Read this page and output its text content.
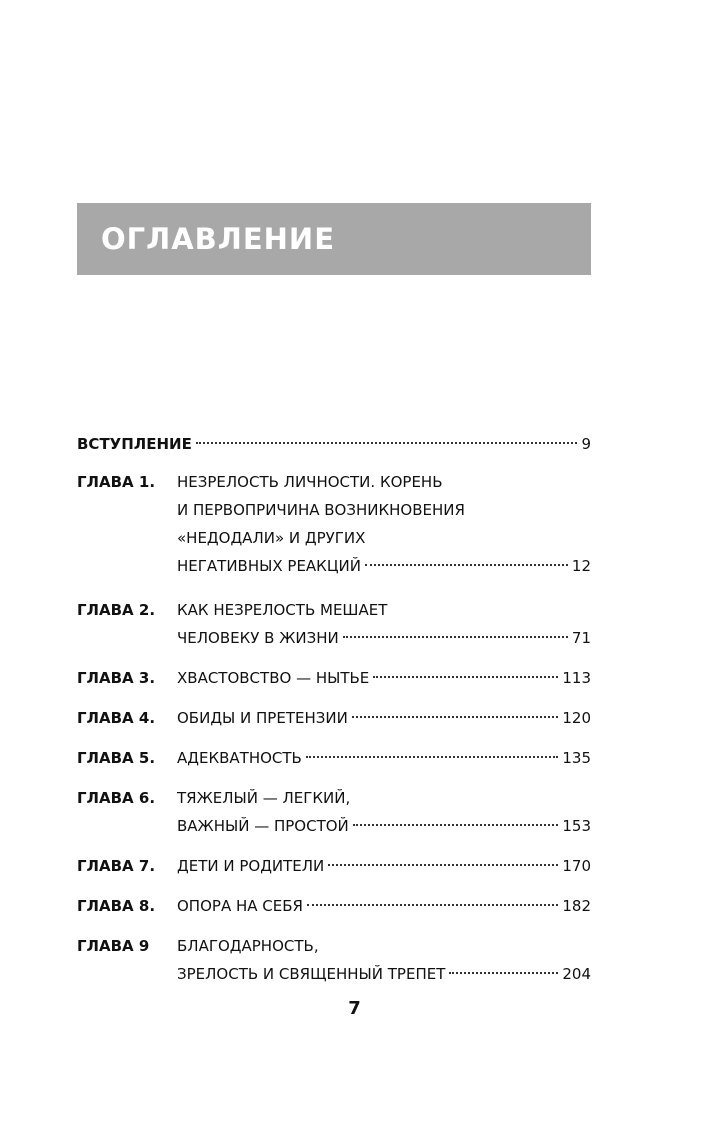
ОГЛАВЛЕНИЕ
ВСТУПЛЕНИЕ	9
ГЛАВА 1. НЕЗРЕЛОСТЬ ЛИЧНОСТИ. КОРЕНЬ
И ПЕРВОПРИЧИНА ВОЗНИКНОВЕНИЯ
«НЕДОДАЛИ» И ДРУГИХ
НЕГАТИВНЫХ РЕАКЦИЙ	12
ГЛАВА 2. КАК НЕЗРЕЛОСТЬ МЕШАЕТ
ЧЕЛОВЕКУ В ЖИЗНИ	71
ГЛАВА 3. ХВАСТОВСТВО — НЫТЬЕ	113
ГЛАВА 4. ОБИДЫ И ПРЕТЕНЗИИ	120
ГЛАВА 5. АДЕКВАТНОСТЬ	135
ГЛАВА 6. ТЯЖЕЛЫЙ — ЛЕГКИЙ,
ВАЖНЫЙ — ПРОСТОЙ	153
ГЛАВА 7. ДЕТИ И РОДИТЕЛИ	170
ГЛАВА 8. ОПОРА НА СЕБЯ	182
ГЛАВА 9 БЛАГОДАРНОСТЬ,
ЗРЕЛОСТЬ И СВЯЩЕННЫЙ ТРЕПЕТ	204
7
